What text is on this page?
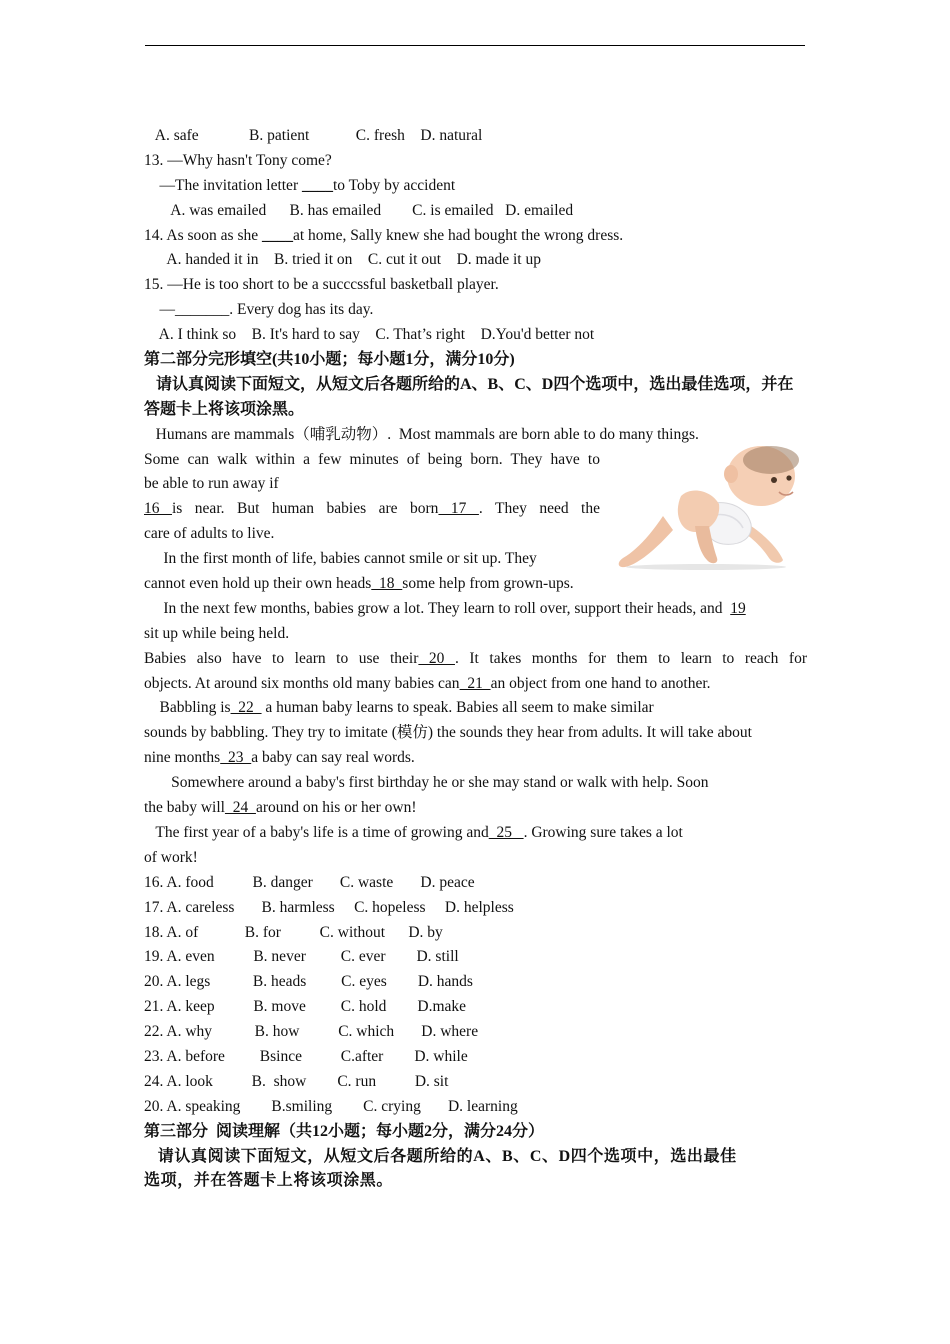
A. safe             B. patient            C. fresh    D. natural
13. —Why hasn't Tony come?
—The invitation letter ____to Toby by accident
A. was emailed      B. has emailed        C. is emailed   D. emailed
14. As soon as she ____at home, Sally knew she had bought the wrong dress.
A. handed it in    B. tried it on    C. cut it out    D. made it up
15. —He is too short to be a succcssful basketball player.
—_______. Every dog has its day.
A. I think so    B. It's hard to say    C. That’s right    D.You'd better not
第二部分完形填空(共10小题；每小题1分，满分10分)
请认真阅读下面短文，从短文后各题所给的A、B、C、D四个选项中，选出最佳选项，并在
答题卡上将该项涂黑。
Humans are mammals（哺乳动物）.  Most mammals are born able to do many things.
Some can walk within a few minutes of being born. They have to
be able to run away if
16 is near. But human babies are born 17 . They need the
care of adults to live.
In the first month of life, babies cannot smile or sit up. They
cannot even hold up their own heads  18  some help from grown-ups.
In the next few months, babies grow a lot. They learn to roll over, support their heads, and  19
sit up while being held.
Babies also have to learn to use their 20 . It takes months for them to learn to reach for
objects. At around six months old many babies can  21  an object from one hand to another.
Babbling is  22   a human baby learns to speak. Babies all seem to make similar
sounds by babbling. They try to imitate (模仿) the sounds they hear from adults. It will take about
nine months  23  a baby can say real words.
Somewhere around a baby's first birthday he or she may stand or walk with help. Soon
the baby will  24  around on his or her own!
The first year of a baby's life is a time of growing and  25   . Growing sure takes a lot
of work!
16. A. food          B. danger       C. waste       D. peace
17. A. careless       B. harmless     C. hopeless     D. helpless
18. A. of            B. for          C. without      D. by
19. A. even          B. never         C. ever        D. still
20. A. legs           B. heads         C. eyes        D. hands
21. A. keep          B. move         C. hold        D.make
22. A. why           B. how          C. which       D. where
23. A. before         Bsince          C.after        D. while
24. A. look          B.  show        C. run          D. sit
20. A. speaking        B.smiling        C. crying       D. learning
第三部分  阅读理解（共12小题；每小题2分，满分24分）
请认真阅读下面短文，从短文后各题所给的A、B、C、D四个选项中，选出最佳
选项，并在答题卡上将该项涂黑。
